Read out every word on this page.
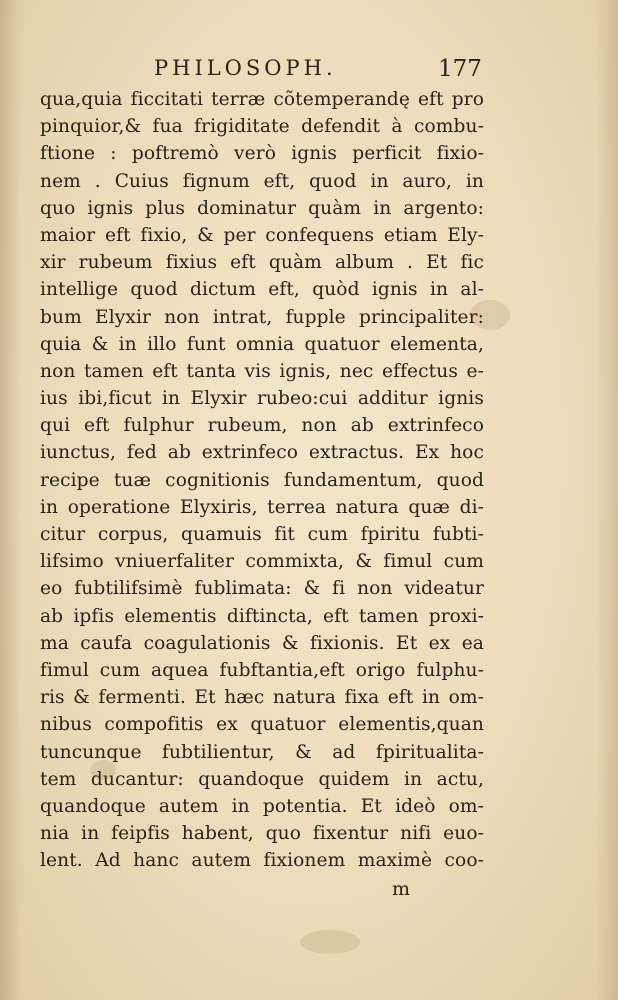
PHILOSOPH.	177
qua,quia ficcitati terræ cõtemperandę eft pro
pinquior,& fua frigiditate defendit à combu-
ftione : poftremò verò ignis perficit fixio-
nem . Cuius fignum eft, quod in auro, in
quo ignis plus dominatur quàm in argento:
maior eft fixio, & per confequens etiam Ely-
xir rubeum fixius eft quàm album . Et fic
intellige quod dictum eft, quòd ignis in al-
bum Elyxir non intrat, fupple principaliter:
quia & in illo funt omnia quatuor elementa,
non tamen eft tanta vis ignis, nec effectus e-
ius ibi,ficut in Elyxir rubeo:cui additur ignis
qui eft fulphur rubeum, non ab extrinfeco
iunctus, fed ab extrinfeco extractus. Ex hoc
recipe tuæ cognitionis fundamentum, quod
in operatione Elyxiris, terrea natura quæ di-
citur corpus, quamuis fit cum fpiritu fubti-
lifsimo vniuerfaliter commixta, & fimul cum
eo fubtilifsimè fublimata: & fi non videatur
ab ipfis elementis diftincta, eft tamen proxi-
ma caufa coagulationis & fixionis. Et ex ea
fimul cum aquea fubftantia,eft origo fulphu-
ris & fermenti. Et hæc natura fixa eft in om-
nibus compofitis ex quatuor elementis,quan
tuncunque fubtilientur, & ad fpiritualita-
tem ducantur: quandoque quidem in actu,
quandoque autem in potentia. Et ideò om-
nia in feipfis habent, quo fixentur nifi euo-
lent. Ad hanc autem fixionem maximè coo-
m
